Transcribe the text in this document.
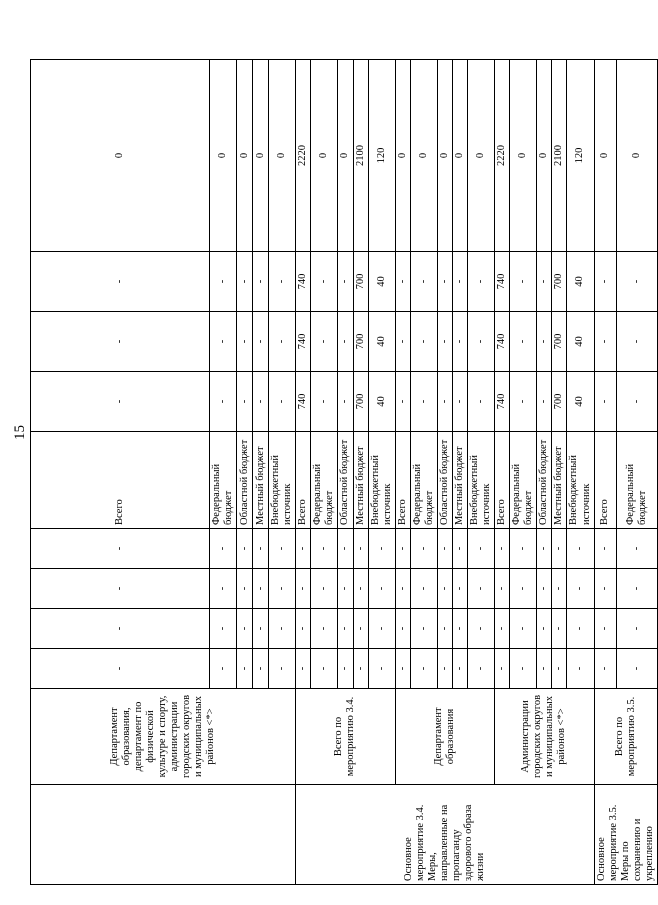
15
	Департамент образования, департамент по физической культуре и спорту, администрации городских округов и муниципальных районов <*>	-	-	-	-	Всего	-	-	-	0
		-	-	-	-	Федеральный бюджет	-	-	-	0
		-	-	-	-	Областной бюджет	-	-	-	0
		-	-	-	-	Местный бюджет	-	-	-	0
		-	-	-	-	Внебюджетный источник	-	-	-	0
Основное мероприятие 3.4. Меры, направленные на пропаганду здорового образа жизни	Всего по мероприятию 3.4.	-	-	-	-	Всего	740	740	740	2220
		-	-	-	-	Федеральный бюджет	-	-	-	0
		-	-	-	-	Областной бюджет	-	-	-	0
		-	-	-	-	Местный бюджет	700	700	700	2100
		-	-	-	-	Внебюджетный источник	40	40	40	120
	Департамент образования	-	-	-	-	Всего	-	-	-	0
		-	-	-	-	Федеральный бюджет	-	-	-	0
		-	-	-	-	Областной бюджет	-	-	-	0
		-	-	-	-	Местный бюджет	-	-	-	0
		-	-	-	-	Внебюджетный источник	-	-	-	0
	Администрации городских округов и муниципальных районов <*>	-	-	-	-	Всего	740	740	740	2220
		-	-	-	-	Федеральный бюджет	-	-	-	0
		-	-	-	-	Областной бюджет	-	-	-	0
		-	-	-	-	Местный бюджет	700	700	700	2100
		-	-	-	-	Внебюджетный источник	40	40	40	120
Основное мероприятие 3.5. Меры по сохранению и укреплению	Всего по мероприятию 3.5.	-	-	-	-	Всего	-	-	-	0
		-	-	-	-	Федеральный бюджет	-	-	-	0
